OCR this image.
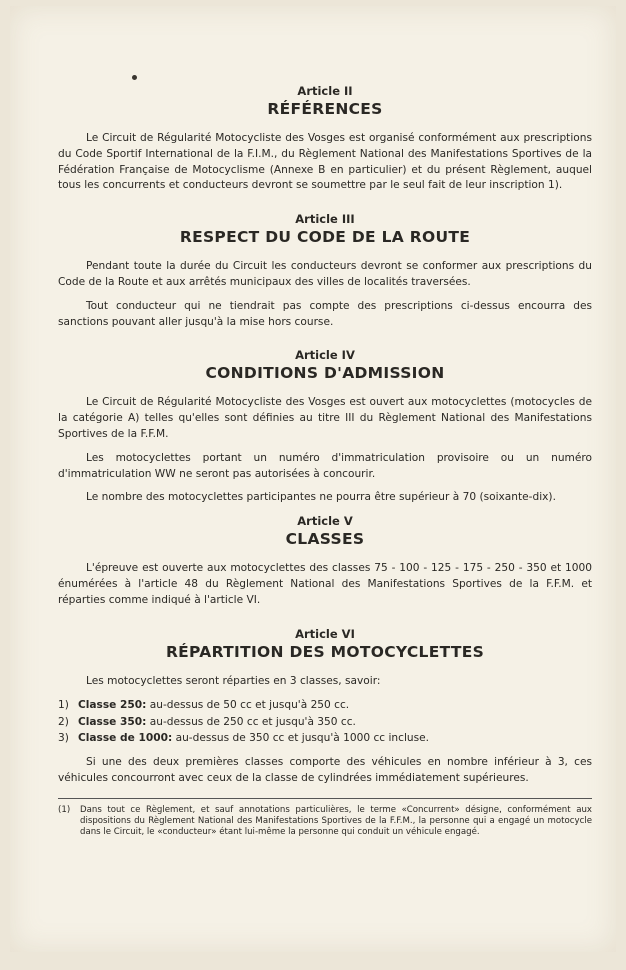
Article II
RÉFÉRENCES

Le Circuit de Régularité Motocycliste des Vosges est organisé conformément aux prescriptions du Code Sportif International de la F.I.M., du Règlement National des Manifestations Sportives de la Fédération Française de Motocyclisme (Annexe B en particulier) et du présent Règlement, auquel tous les concurrents et conducteurs devront se soumettre par le seul fait de leur inscription 1).

Article III
RESPECT DU CODE DE LA ROUTE

Pendant toute la durée du Circuit les conducteurs devront se conformer aux prescriptions du Code de la Route et aux arrêtés municipaux des villes de localités traversées.

Tout conducteur qui ne tiendrait pas compte des prescriptions ci-dessus encourra des sanctions pouvant aller jusqu'à la mise hors course.

Article IV
CONDITIONS D'ADMISSION

Le Circuit de Régularité Motocycliste des Vosges est ouvert aux motocyclettes (motocycles de la catégorie A) telles qu'elles sont définies au titre III du Règlement National des Manifestations Sportives de la F.F.M.

Les motocyclettes portant un numéro d'immatriculation provisoire ou un numéro d'immatriculation WW ne seront pas autorisées à concourir.

Le nombre des motocyclettes participantes ne pourra être supérieur à 70 (soixante-dix).

Article V
CLASSES

L'épreuve est ouverte aux motocyclettes des classes 75 - 100 - 125 - 175 - 250 - 350 et 1000 énumérées à l'article 48 du Règlement National des Manifestations Sportives de la F.F.M. et réparties comme indiqué à l'article VI.

Article VI
RÉPARTITION DES MOTOCYCLETTES

Les motocyclettes seront réparties en 3 classes, savoir:

1) Classe 250: au-dessus de 50 cc et jusqu'à 250 cc.
2) Classe 350: au-dessus de 250 cc et jusqu'à 350 cc.
3) Classe de 1000: au-dessus de 350 cc et jusqu'à 1000 cc incluse.

Si une des deux premières classes comporte des véhicules en nombre inférieur à 3, ces véhicules concourront avec ceux de la classe de cylindrées immédiatement supérieures.

(1)	Dans tout ce Règlement, et sauf annotations particulières, le terme «Concurrent» désigne, conformément aux dispositions du Règlement National des Manifestations Sportives de la F.F.M., la personne qui a engagé un motocycle dans le Circuit, le «conducteur» étant lui-même la personne qui conduit un véhicule engagé.
